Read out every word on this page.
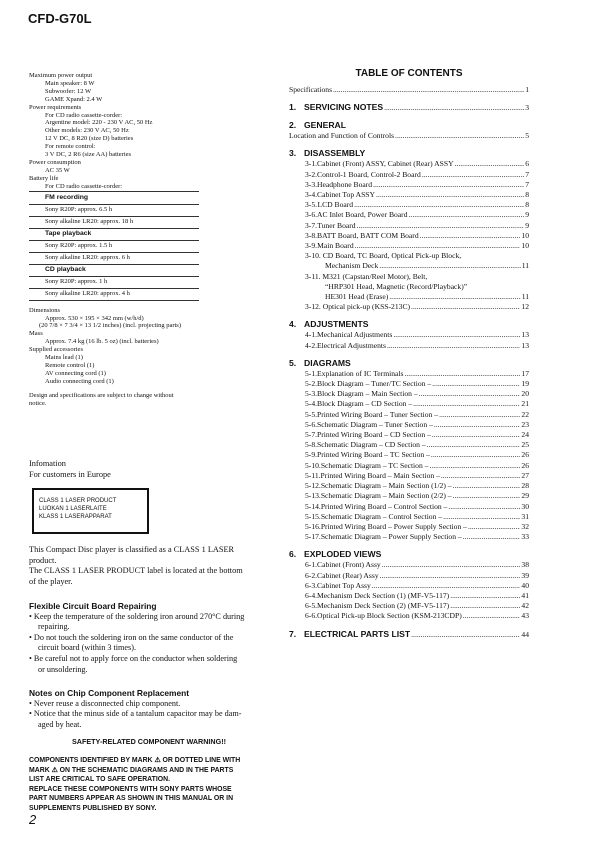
CFD-G70L
Maximum power output
Main speaker: 8 W
Subwoofer: 12 W
GAME Xpand: 2.4 W
Power requirements
For CD radio cassette-corder:
Argentine model: 220 - 230 V AC, 50 Hz
Other models: 230 V AC, 50 Hz
12 V DC, 8 R20 (size D) batteries
For remote control:
3 V DC, 2 R6 (size AA) batteries
Power consumption
AC 35 W
Battery life
For CD radio cassette-corder:
FM recording
Sony R20P: approx. 6.5 h
Sony alkaline LR20: approx. 18 h
Tape playback
Sony R20P: approx. 1.5 h
Sony alkaline LR20: approx. 6 h
CD playback
Sony R20P: approx. 1 h
Sony alkaline LR20: approx. 4 h
Dimensions
Approx. 530 × 195 × 342 mm (w/h/d)
(20 7/8 × 7 3/4 × 13 1/2 inches) (incl. projecting parts)
Mass
Approx. 7.4 kg (16 lb. 5 oz) (incl. batteries)
Supplied accessories
Mains lead (1)
Remote control (1)
AV connecting cord (1)
Audio connecting cord (1)
Design and specifications are subject to change without
notice.
Infomation
For customers in Europe
CLASS 1 LASER PRODUCT
LUOKAN 1 LASERLAITE
KLASS 1 LASERAPPARAT
This Compact Disc player is classified as a CLASS 1 LASER
product.
The CLASS 1 LASER PRODUCT label is located at the bottom
of the player.
Flexible Circuit Board Repairing
• Keep the temperature of the soldering iron around 270°C during
repairing.
• Do not touch the soldering iron on the same conductor of the
circuit board (within 3 times).
• Be careful not to apply force on the conductor when soldering
or unsoldering.
Notes on Chip Component Replacement
• Never reuse a disconnected chip component.
• Notice that the minus side of a tantalum capacitor may be dam-
aged by heat.
SAFETY-RELATED COMPONENT WARNING!!
COMPONENTS IDENTIFIED BY MARK ⚠ OR DOTTED LINE WITH
MARK ⚠ ON THE SCHEMATIC DIAGRAMS AND IN THE PARTS
LIST ARE CRITICAL TO SAFE OPERATION.
REPLACE THESE COMPONENTS WITH SONY PARTS WHOSE
PART NUMBERS APPEAR AS SHOWN IN THIS MANUAL OR IN
SUPPLEMENTS PUBLISHED BY SONY.
2
TABLE OF CONTENTS
Specifications .....	1
1. SERVICING NOTES .....	3
2. GENERAL
Location and Function of Controls .....	5
3. DISASSEMBLY
3-1. Cabinet (Front) ASSY, Cabinet (Rear) ASSY .....	6
3-2. Control-1 Board, Control-2 Board .....	7
3-3. Headphone Board .....	7
3-4. Cabinet Top ASSY .....	8
3-5. LCD Board .....	8
3-6. AC Inlet Board, Power Board .....	9
3-7. Tuner Board .....	9
3-8. BATT Board, BATT COM Board .....	10
3-9. Main Board .....	10
3-10. CD Board, TC Board, Optical Pick-up Block,
Mechanism Deck .....	11
3-11. M321 (Capstan/Reel Motor), Belt,
“HRP301 Head, Magnetic (Record/Playback)”
HE301 Head (Erase) .....	11
3-12. Optical pick-up (KSS-213C) .....	12
4. ADJUSTMENTS
4-1. Mechanical Adjustments .....	13
4-2. Electrical Adjustments .....	13
5. DIAGRAMS
5-1. Explanation of IC Terminals .....	17
5-2. Block Diagram – Tuner/TC Section – .....	19
5-3. Block Diagram – Main Section – .....	20
5-4. Block Diagram – CD Section – .....	21
5-5. Printed Wiring Board – Tuner Section – .....	22
5-6. Schematic Diagram – Tuner Section – .....	23
5-7. Printed Wiring Board – CD Section – .....	24
5-8. Schematic Diagram – CD Section – .....	25
5-9. Printed Wiring Board – TC Section – .....	26
5-10. Schematic Diagram – TC Section – .....	26
5-11. Printed Wiring Board – Main Section – .....	27
5-12. Schematic Diagram – Main Section (1/2) – .....	28
5-13. Schematic Diagram – Main Section (2/2) – .....	29
5-14. Printed Wiring Board – Control Section – .....	30
5-15. Schematic Diagram – Control Section – .....	31
5-16. Printed Wiring Board – Power Supply Section – .....	32
5-17. Schematic Diagram – Power Supply Section – .....	33
6. EXPLODED VIEWS
6-1. Cabinet (Front) Assy .....	38
6-2. Cabinet (Rear) Assy .....	39
6-3. Cabinet Top Assy .....	40
6-4. Mechanism Deck Section (1) (MF-V5-117) .....	41
6-5. Mechanism Deck Section (2) (MF-V5-117) .....	42
6-6. Optical Pick-up Block Section (KSM-213CDP) .....	43
7. ELECTRICAL PARTS LIST .....	44
